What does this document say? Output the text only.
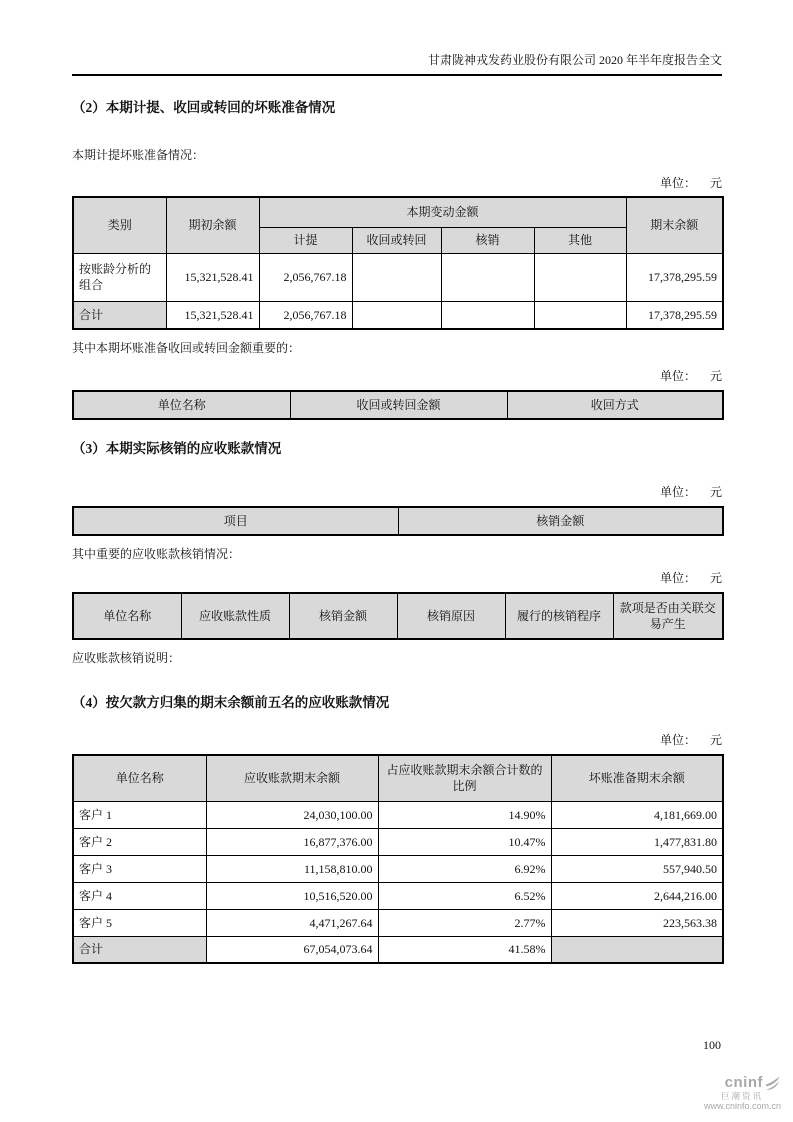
甘肃陇神戎发药业股份有限公司 2020 年半年度报告全文
（2）本期计提、收回或转回的坏账准备情况
本期计提坏账准备情况：
单位： 元
类别	期初余额	本期变动金额				期末余额
		计提	收回或转回	核销	其他	
按账龄分析的组合	15,321,528.41	2,056,767.18				17,378,295.59
合计	15,321,528.41	2,056,767.18				17,378,295.59
其中本期坏账准备收回或转回金额重要的：
单位： 元
单位名称	收回或转回金额	收回方式
（3）本期实际核销的应收账款情况
单位： 元
项目	核销金额
其中重要的应收账款核销情况：
单位： 元
单位名称	应收账款性质	核销金额	核销原因	履行的核销程序	款项是否由关联交易产生
应收账款核销说明：
（4）按欠款方归集的期末余额前五名的应收账款情况
单位： 元
单位名称	应收账款期末余额	占应收账款期末余额合计数的比例	坏账准备期末余额
客户 1	24,030,100.00	14.90%	4,181,669.00
客户 2	16,877,376.00	10.47%	1,477,831.80
客户 3	11,158,810.00	6.92%	557,940.50
客户 4	10,516,520.00	6.52%	2,644,216.00
客户 5	4,471,267.64	2.77%	223,563.38
合计	67,054,073.64	41.58%	
100
cninf
巨潮资讯
www.cninfo.com.cn
